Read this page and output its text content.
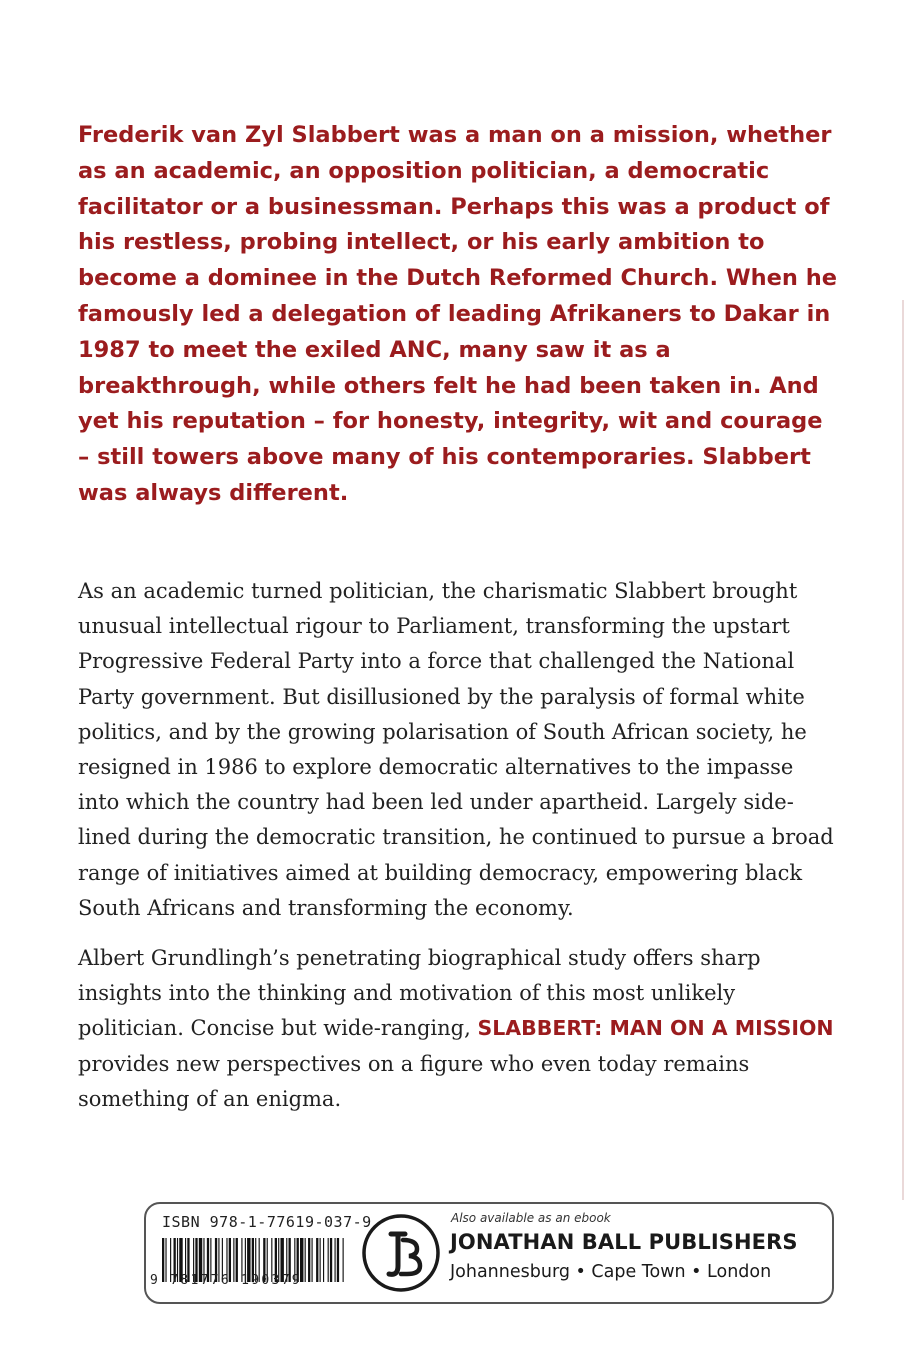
Frederik van Zyl Slabbert was a man on a mission, whether as an academic, an opposition politician, a democratic facilitator or a businessman. Perhaps this was a product of his restless, probing intellect, or his early ambition to become a dominee in the Dutch Reformed Church. When he famously led a delegation of leading Afrikaners to Dakar in 1987 to meet the exiled ANC, many saw it as a breakthrough, while others felt he had been taken in. And yet his reputation – for honesty, integrity, wit and courage – still towers above many of his contemporaries. Slabbert was always different.

As an academic turned politician, the charismatic Slabbert brought unusual intellectual rigour to Parliament, transforming the upstart Progressive Federal Party into a force that challenged the National Party government. But disillusioned by the paralysis of formal white politics, and by the growing polarisation of South African society, he resigned in 1986 to explore democratic alternatives to the impasse into which the country had been led under apartheid. Largely side-lined during the democratic transition, he continued to pursue a broad range of initiatives aimed at building democracy, empowering black South Africans and transforming the economy.

Albert Grundlingh’s penetrating biographical study offers sharp insights into the thinking and motivation of this most unlikely politician. Concise but wide-ranging, SLABBERT: MAN ON A MISSION provides new perspectives on a figure who even today remains something of an enigma.

ISBN 978-1-77619-037-9
9 781776 190379
Also available as an ebook
JONATHAN BALL PUBLISHERS
Johannesburg • Cape Town • London
